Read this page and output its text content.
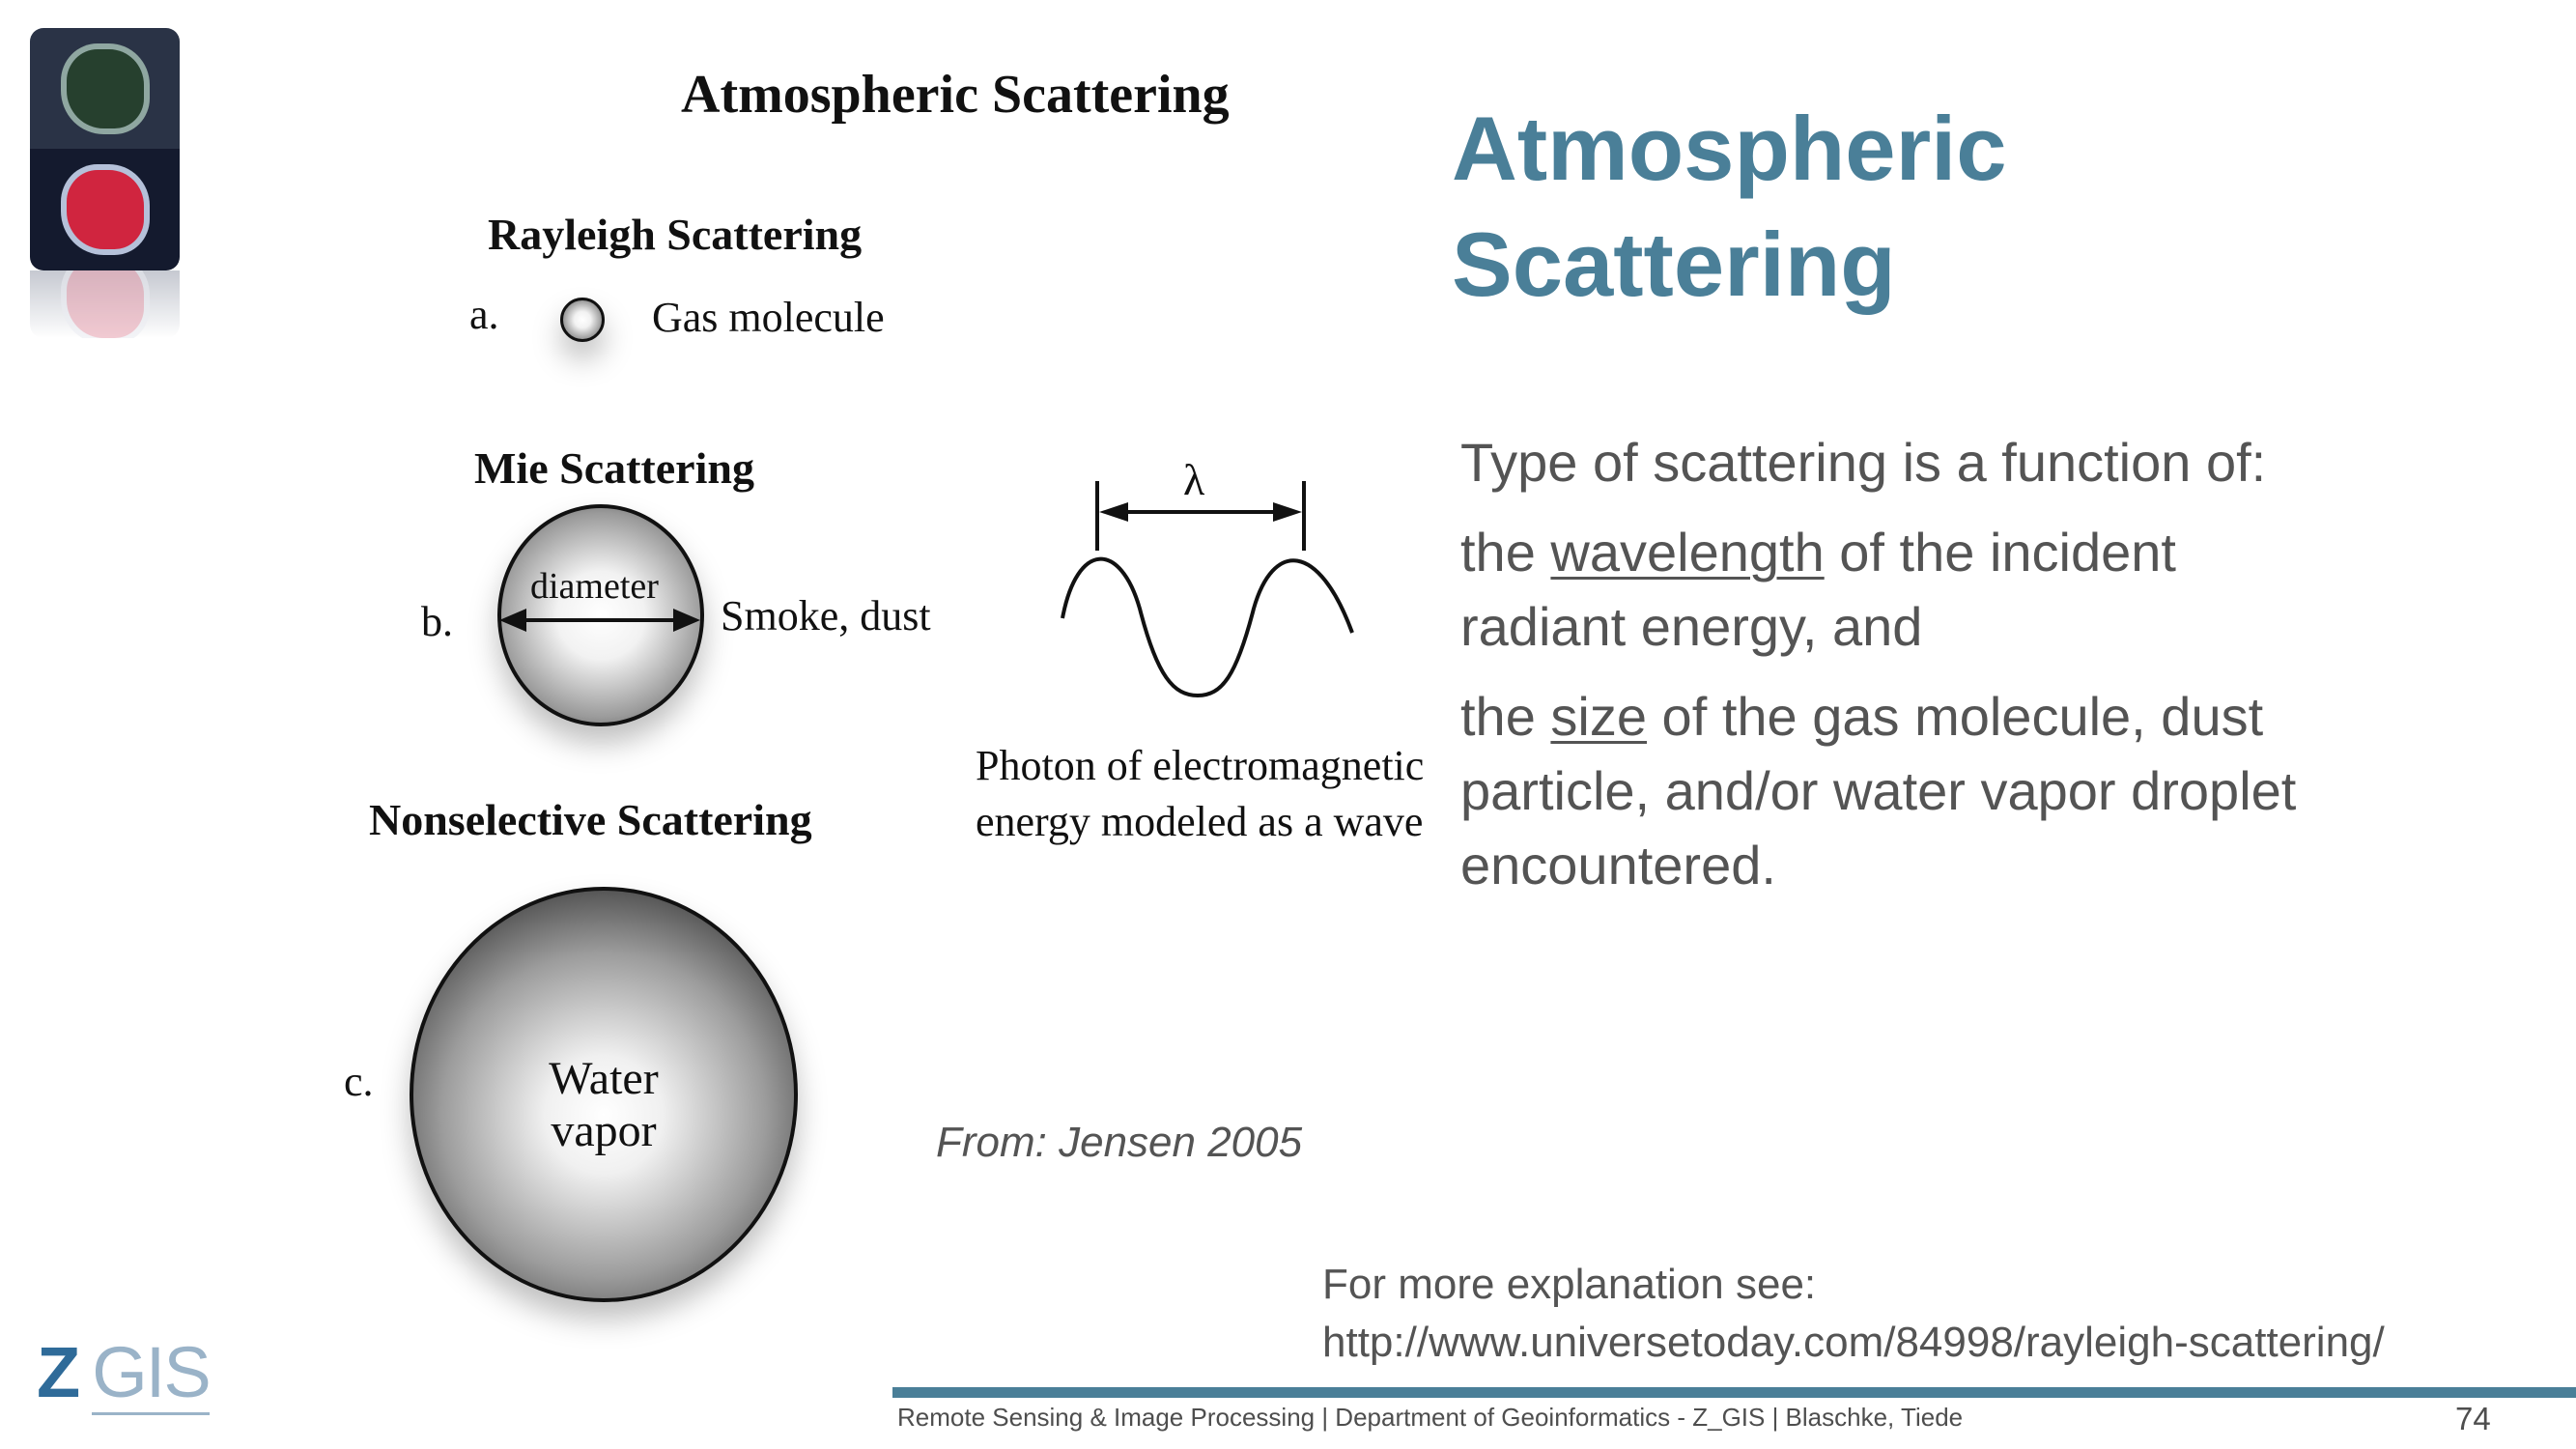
Atmospheric Scattering
Rayleigh Scattering
a.	Gas molecule
Mie Scattering
b.
diameter
Smoke, dust
Nonselective Scattering
c.	Water
vapor
λ
Photon of electromagnetic
energy modeled as a wave
Atmospheric
Scattering

Type of scattering is a function of:

the wavelength of the incident radiant energy, and

the size of the gas molecule, dust particle, and/or water vapor droplet encountered.

From: Jensen 2005
For more explanation see:
http://www.universetoday.com/84998/rayleigh-scattering/
Remote Sensing & Image Processing | Department of Geoinformatics - Z_GIS | Blaschke, Tiede	74
Z GIS
